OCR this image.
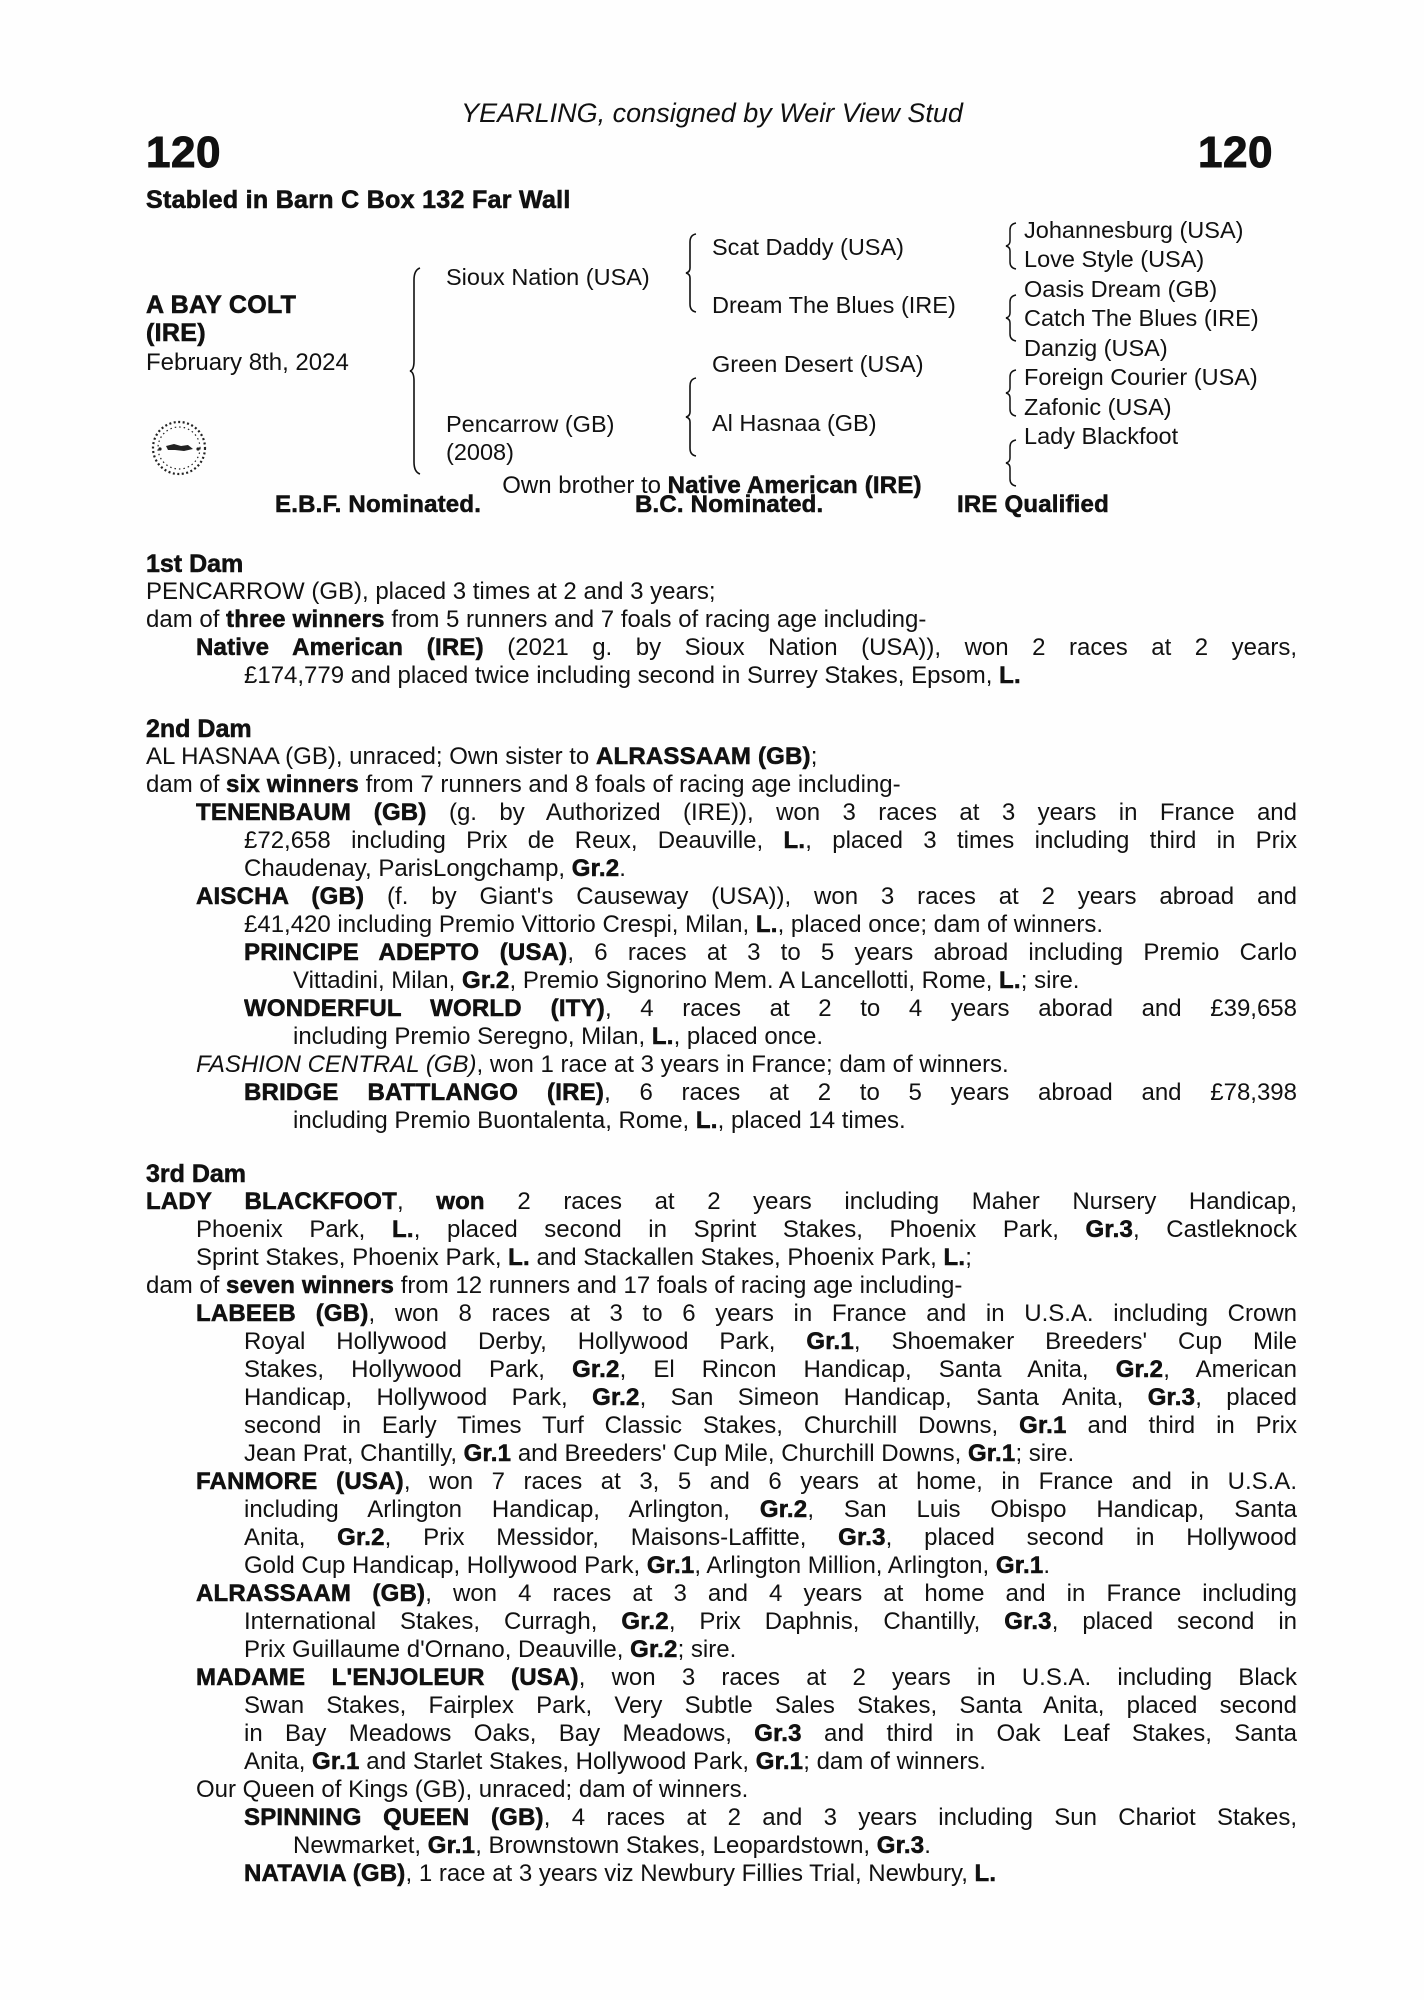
YEARLING, consigned by Weir View Stud
120	120
Stabled in Barn C Box 132 Far Wall
A BAY COLT
(IRE)
February 8th, 2024
Sioux Nation (USA)
Pencarrow (GB)
(2008)
Scat Daddy (USA)
Dream The Blues (IRE)
Green Desert (USA)
Al Hasnaa (GB)
Johannesburg (USA)
Love Style (USA)
Oasis Dream (GB)
Catch The Blues (IRE)
Danzig (USA)
Foreign Courier (USA)
Zafonic (USA)
Lady Blackfoot
Own brother to Native American (IRE)
E.B.F. Nominated.	B.C. Nominated.	IRE Qualified
1st Dam
PENCARROW (GB), placed 3 times at 2 and 3 years;
dam of three winners from 5 runners and 7 foals of racing age including-
Native American (IRE) (2021 g. by Sioux Nation (USA)), won 2 races at 2 years,
£174,779 and placed twice including second in Surrey Stakes, Epsom, L.
2nd Dam
AL HASNAA (GB), unraced; Own sister to ALRASSAAM (GB);
dam of six winners from 7 runners and 8 foals of racing age including-
TENENBAUM (GB) (g. by Authorized (IRE)), won 3 races at 3 years in France and
£72,658 including Prix de Reux, Deauville, L., placed 3 times including third in Prix
Chaudenay, ParisLongchamp, Gr.2.
AISCHA (GB) (f. by Giant's Causeway (USA)), won 3 races at 2 years abroad and
£41,420 including Premio Vittorio Crespi, Milan, L., placed once; dam of winners.
PRINCIPE ADEPTO (USA), 6 races at 3 to 5 years abroad including Premio Carlo
Vittadini, Milan, Gr.2, Premio Signorino Mem. A Lancellotti, Rome, L.; sire.
WONDERFUL WORLD (ITY), 4 races at 2 to 4 years aborad and £39,658
including Premio Seregno, Milan, L., placed once.
FASHION CENTRAL (GB), won 1 race at 3 years in France; dam of winners.
BRIDGE BATTLANGO (IRE), 6 races at 2 to 5 years abroad and £78,398
including Premio Buontalenta, Rome, L., placed 14 times.
3rd Dam
LADY BLACKFOOT, won 2 races at 2 years including Maher Nursery Handicap,
Phoenix Park, L., placed second in Sprint Stakes, Phoenix Park, Gr.3, Castleknock
Sprint Stakes, Phoenix Park, L. and Stackallen Stakes, Phoenix Park, L.;
dam of seven winners from 12 runners and 17 foals of racing age including-
LABEEB (GB), won 8 races at 3 to 6 years in France and in U.S.A. including Crown
Royal Hollywood Derby, Hollywood Park, Gr.1, Shoemaker Breeders' Cup Mile
Stakes, Hollywood Park, Gr.2, El Rincon Handicap, Santa Anita, Gr.2, American
Handicap, Hollywood Park, Gr.2, San Simeon Handicap, Santa Anita, Gr.3, placed
second in Early Times Turf Classic Stakes, Churchill Downs, Gr.1 and third in Prix
Jean Prat, Chantilly, Gr.1 and Breeders' Cup Mile, Churchill Downs, Gr.1; sire.
FANMORE (USA), won 7 races at 3, 5 and 6 years at home, in France and in U.S.A.
including Arlington Handicap, Arlington, Gr.2, San Luis Obispo Handicap, Santa
Anita, Gr.2, Prix Messidor, Maisons-Laffitte, Gr.3, placed second in Hollywood
Gold Cup Handicap, Hollywood Park, Gr.1, Arlington Million, Arlington, Gr.1.
ALRASSAAM (GB), won 4 races at 3 and 4 years at home and in France including
International Stakes, Curragh, Gr.2, Prix Daphnis, Chantilly, Gr.3, placed second in
Prix Guillaume d'Ornano, Deauville, Gr.2; sire.
MADAME L'ENJOLEUR (USA), won 3 races at 2 years in U.S.A. including Black
Swan Stakes, Fairplex Park, Very Subtle Sales Stakes, Santa Anita, placed second
in Bay Meadows Oaks, Bay Meadows, Gr.3 and third in Oak Leaf Stakes, Santa
Anita, Gr.1 and Starlet Stakes, Hollywood Park, Gr.1; dam of winners.
Our Queen of Kings (GB), unraced; dam of winners.
SPINNING QUEEN (GB), 4 races at 2 and 3 years including Sun Chariot Stakes,
Newmarket, Gr.1, Brownstown Stakes, Leopardstown, Gr.3.
NATAVIA (GB), 1 race at 3 years viz Newbury Fillies Trial, Newbury, L.
